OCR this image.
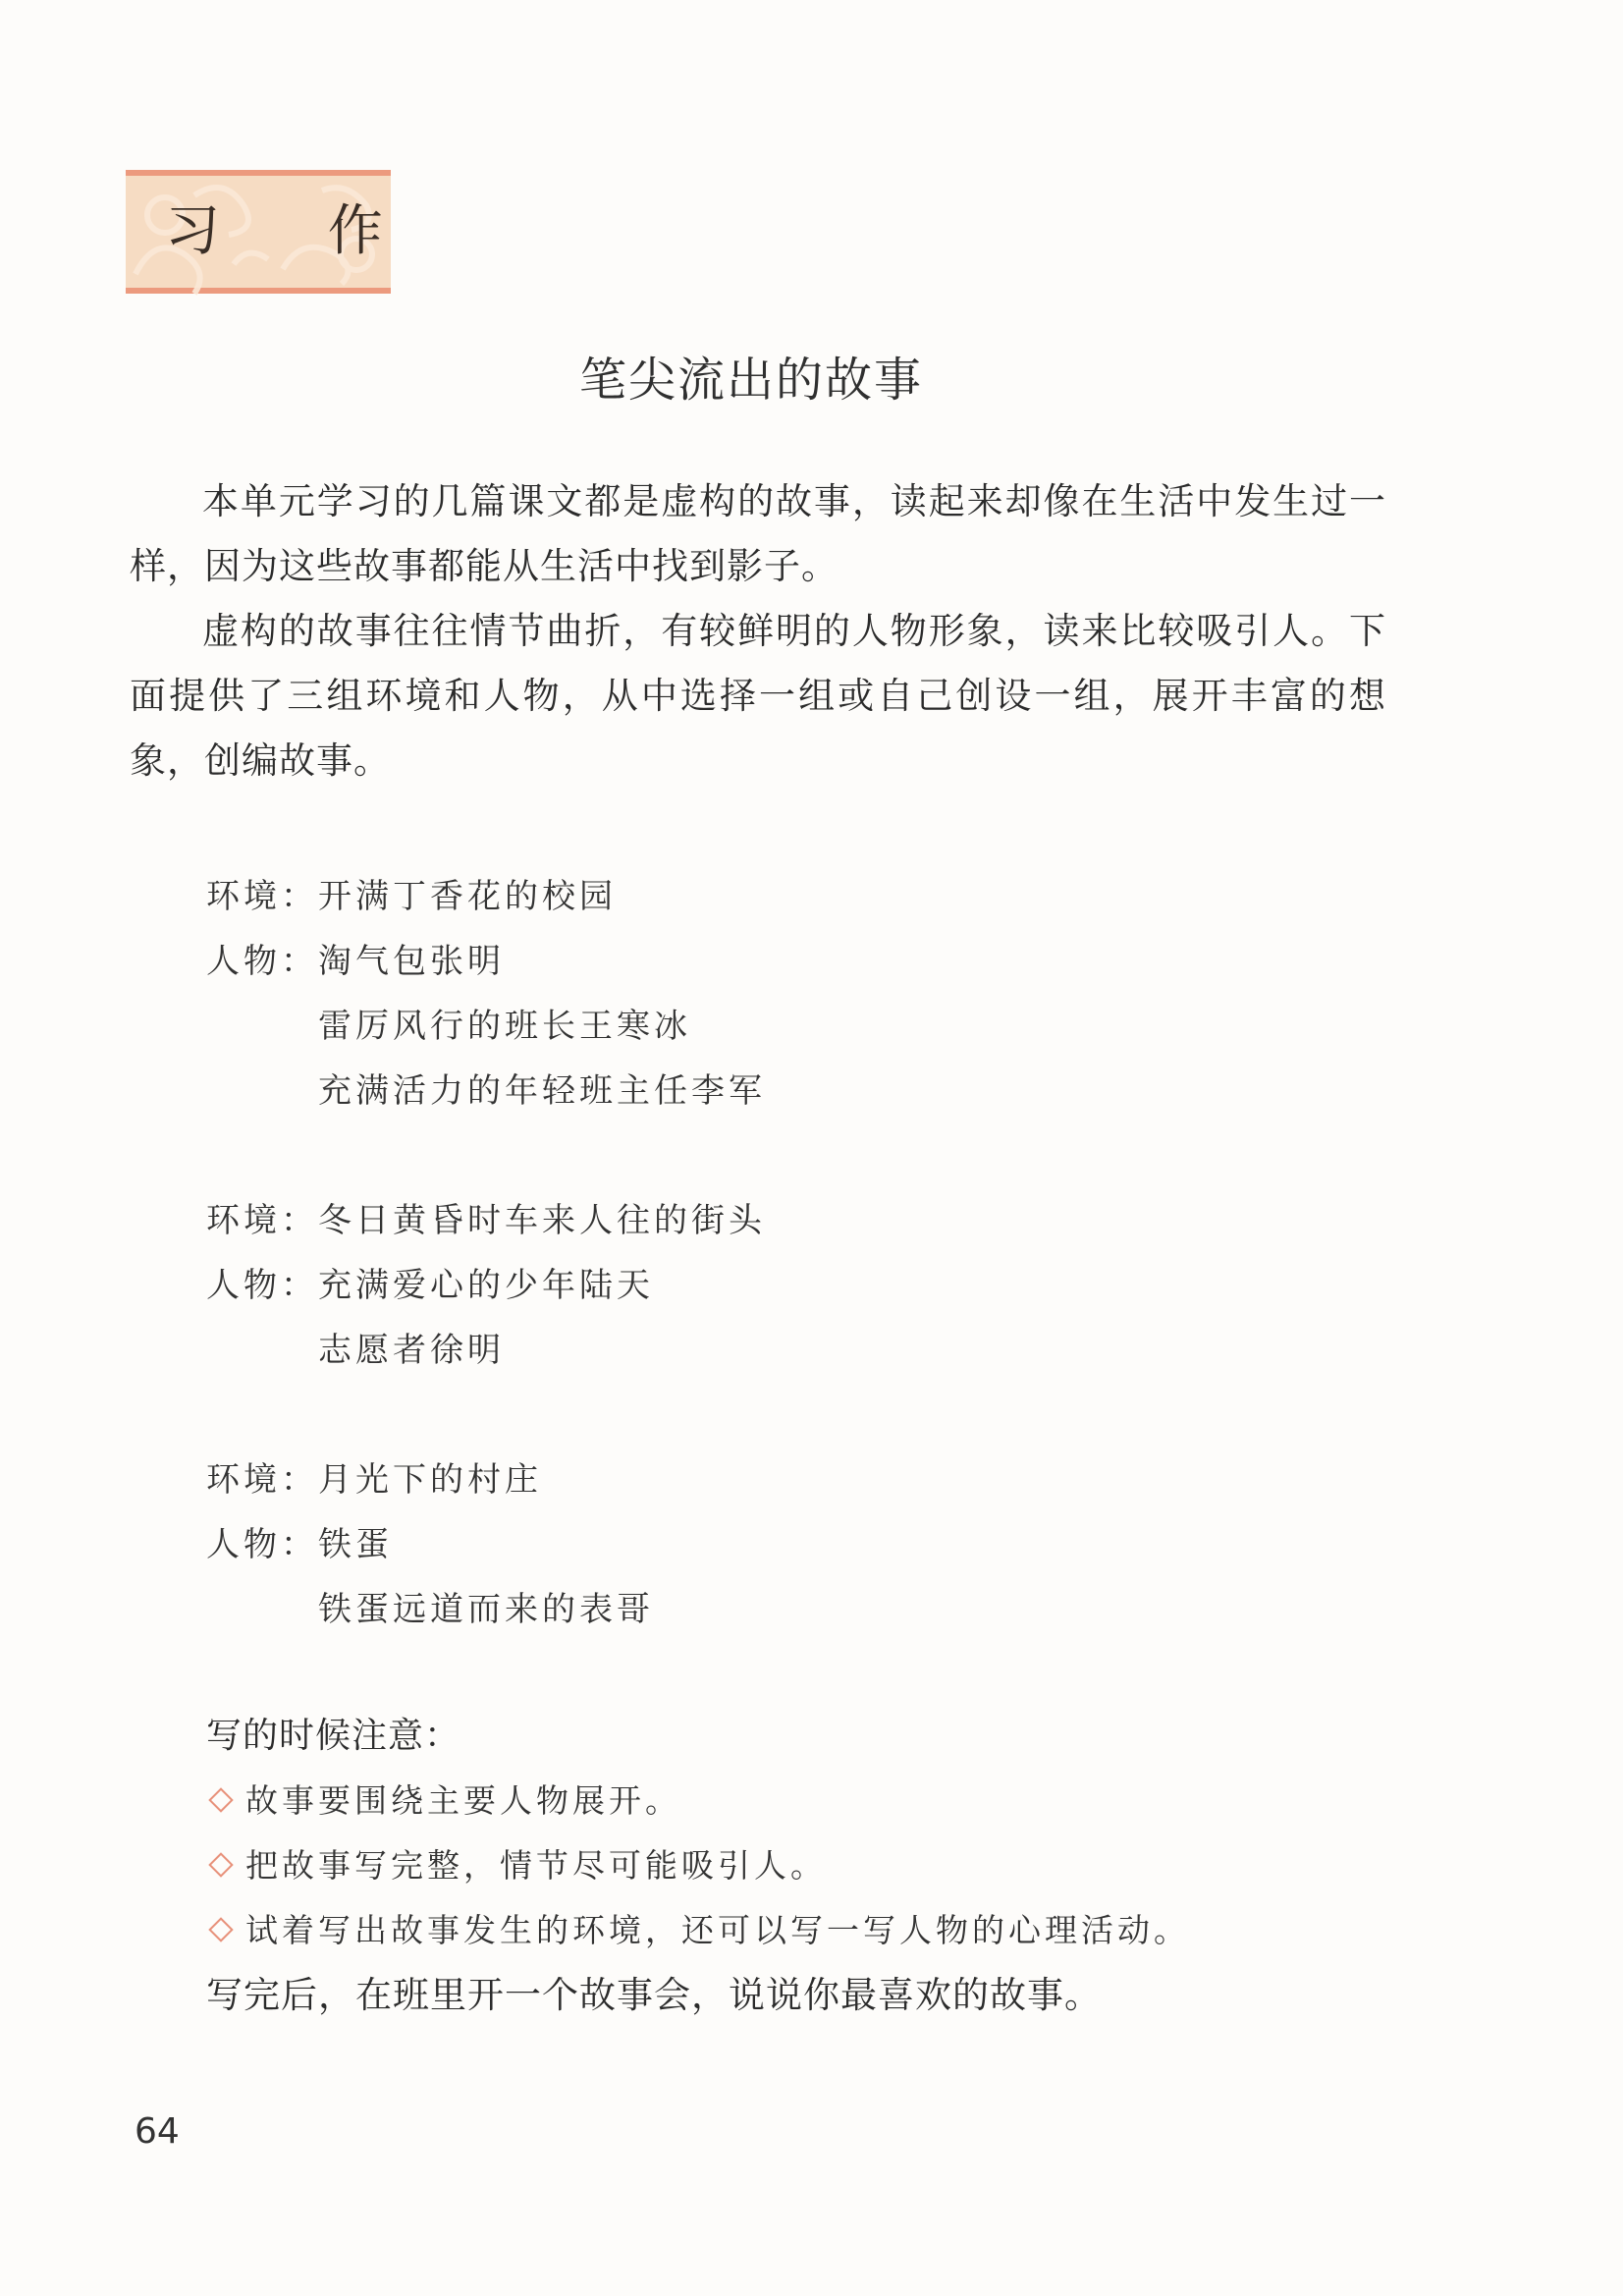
习 作
笔尖流出的故事

本单元学习的几篇课文都是虚构的故事，读起来却像在生活中发生过一样，因为这些故事都能从生活中找到影子。

虚构的故事往往情节曲折，有较鲜明的人物形象，读来比较吸引人。下面提供了三组环境和人物，从中选择一组或自己创设一组，展开丰富的想象，创编故事。

环境：开满丁香花的校园
人物：淘气包张明
雷厉风行的班长王寒冰
充满活力的年轻班主任李军
环境：冬日黄昏时车来人往的街头
人物：充满爱心的少年陆天
志愿者徐明
环境：月光下的村庄
人物：铁蛋
铁蛋远道而来的表哥
写的时候注意：
故事要围绕主要人物展开。
把故事写完整，情节尽可能吸引人。
试着写出故事发生的环境，还可以写一写人物的心理活动。
写完后，在班里开一个故事会，说说你最喜欢的故事。
64
